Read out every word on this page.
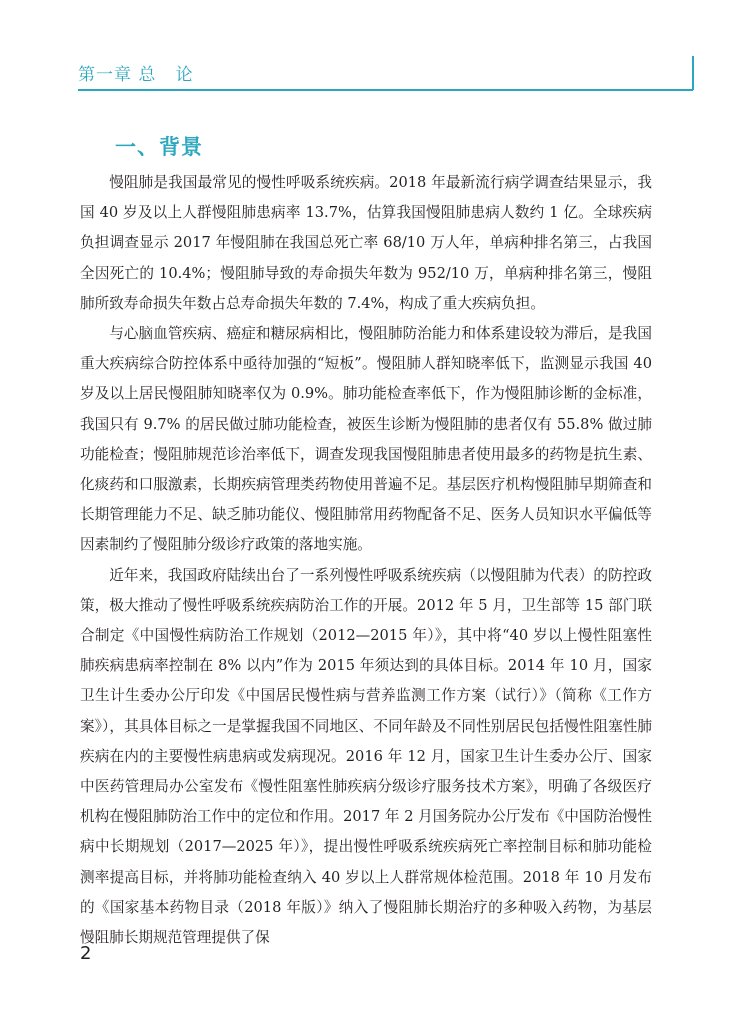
第一章 总   论
一、背景

慢阻肺是我国最常见的慢性呼吸系统疾病。2018 年最新流行病学调查结果显示，我国 40 岁及以上人群慢阻肺患病率 13.7%，估算我国慢阻肺患病人数约 1 亿。全球疾病负担调查显示 2017 年慢阻肺在我国总死亡率 68/10 万人年，单病种排名第三，占我国全因死亡的 10.4%；慢阻肺导致的寿命损失年数为 952/10 万，单病种排名第三，慢阻肺所致寿命损失年数占总寿命损失年数的 7.4%，构成了重大疾病负担。

与心脑血管疾病、癌症和糖尿病相比，慢阻肺防治能力和体系建设较为滞后，是我国重大疾病综合防控体系中亟待加强的“短板”。慢阻肺人群知晓率低下，监测显示我国 40 岁及以上居民慢阻肺知晓率仅为 0.9%。肺功能检查率低下，作为慢阻肺诊断的金标准，我国只有 9.7% 的居民做过肺功能检查，被医生诊断为慢阻肺的患者仅有 55.8% 做过肺功能检查；慢阻肺规范诊治率低下，调查发现我国慢阻肺患者使用最多的药物是抗生素、化痰药和口服激素，长期疾病管理类药物使用普遍不足。基层医疗机构慢阻肺早期筛查和长期管理能力不足、缺乏肺功能仪、慢阻肺常用药物配备不足、医务人员知识水平偏低等因素制约了慢阻肺分级诊疗政策的落地实施。

近年来，我国政府陆续出台了一系列慢性呼吸系统疾病（以慢阻肺为代表）的防控政策，极大推动了慢性呼吸系统疾病防治工作的开展。2012 年 5 月，卫生部等 15 部门联合制定《中国慢性病防治工作规划（2012—2015 年）》，其中将“40 岁以上慢性阻塞性肺疾病患病率控制在 8% 以内”作为 2015 年须达到的具体目标。2014 年 10 月，国家卫生计生委办公厅印发《中国居民慢性病与营养监测工作方案（试行）》（简称《工作方案》），其具体目标之一是掌握我国不同地区、不同年龄及不同性别居民包括慢性阻塞性肺疾病在内的主要慢性病患病或发病现况。2016 年 12 月，国家卫生计生委办公厅、国家中医药管理局办公室发布《慢性阻塞性肺疾病分级诊疗服务技术方案》，明确了各级医疗机构在慢阻肺防治工作中的定位和作用。2017 年 2 月国务院办公厅发布《中国防治慢性病中长期规划（2017—2025 年）》，提出慢性呼吸系统疾病死亡率控制目标和肺功能检测率提高目标，并将肺功能检查纳入 40 岁以上人群常规体检范围。2018 年 10 月发布的《国家基本药物目录（2018 年版）》纳入了慢阻肺长期治疗的多种吸入药物，为基层慢阻肺长期规范管理提供了保

2
